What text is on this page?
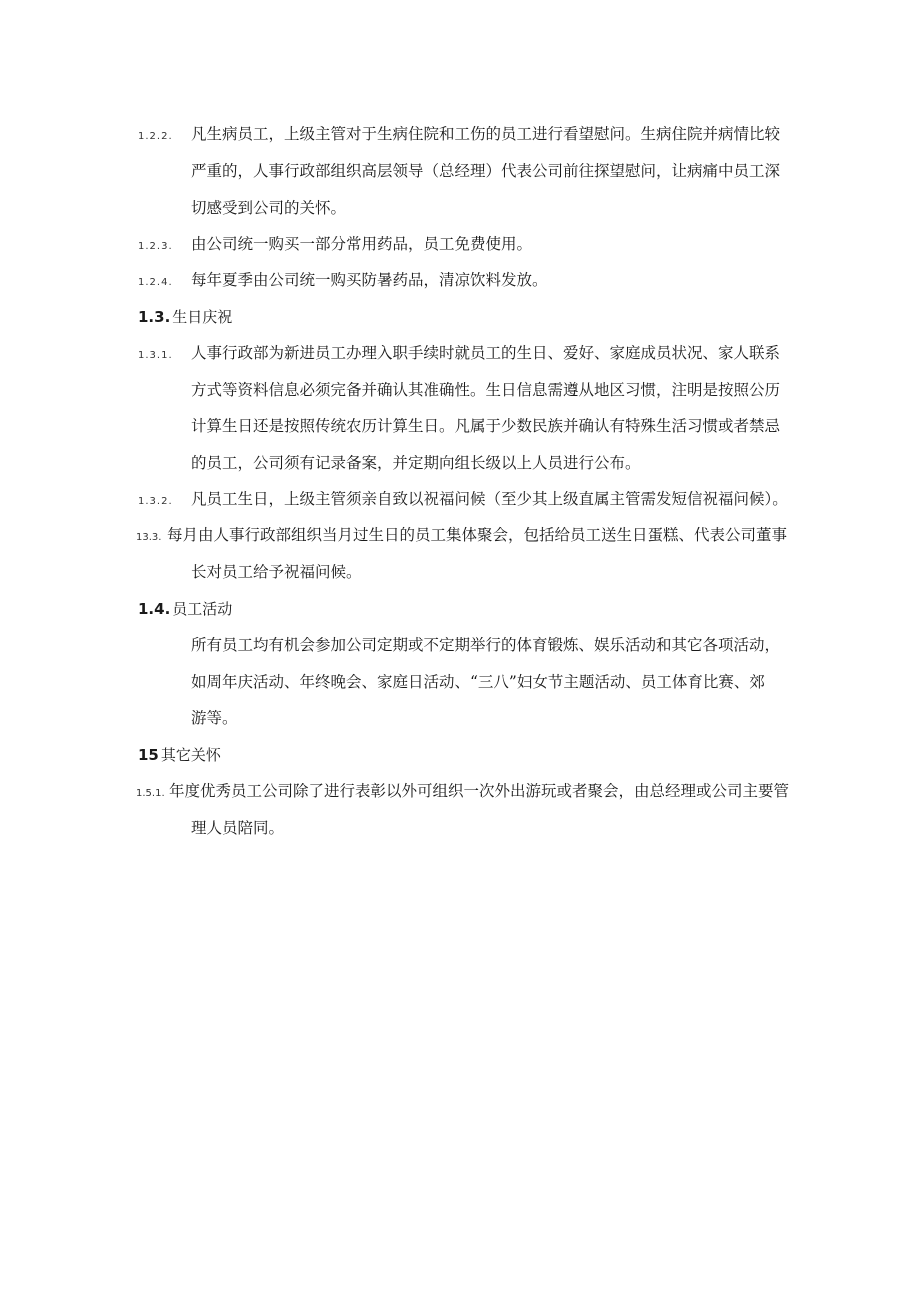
1.2.2. 凡生病员工，上级主管对于生病住院和工伤的员工进行看望慰问。生病住院并病情比较
严重的，人事行政部组织高层领导（总经理）代表公司前往探望慰问，让病痛中员工深
切感受到公司的关怀。
1.2.3. 由公司统一购买一部分常用药品，员工免费使用。
1.2.4. 每年夏季由公司统一购买防暑药品，清凉饮料发放。
1.3. 生日庆祝
1.3.1. 人事行政部为新进员工办理入职手续时就员工的生日、爱好、家庭成员状况、家人联系
方式等资料信息必须完备并确认其准确性。生日信息需遵从地区习惯，注明是按照公历
计算生日还是按照传统农历计算生日。凡属于少数民族并确认有特殊生活习惯或者禁忌
的员工，公司须有记录备案，并定期向组长级以上人员进行公布。
1.3.2. 凡员工生日，上级主管须亲自致以祝福问候（至少其上级直属主管需发短信祝福问候）。
13.3. 每月由人事行政部组织当月过生日的员工集体聚会，包括给员工送生日蛋糕、代表公司董事
长对员工给予祝福问候。
1.4. 员工活动
所有员工均有机会参加公司定期或不定期举行的体育锻炼、娱乐活动和其它各项活动，
如周年庆活动、年终晚会、家庭日活动、“三八”妇女节主题活动、员工体育比赛、郊
游等。
15 其它关怀
1.5.1. 年度优秀员工公司除了进行表彰以外可组织一次外出游玩或者聚会，由总经理或公司主要管
理人员陪同。
